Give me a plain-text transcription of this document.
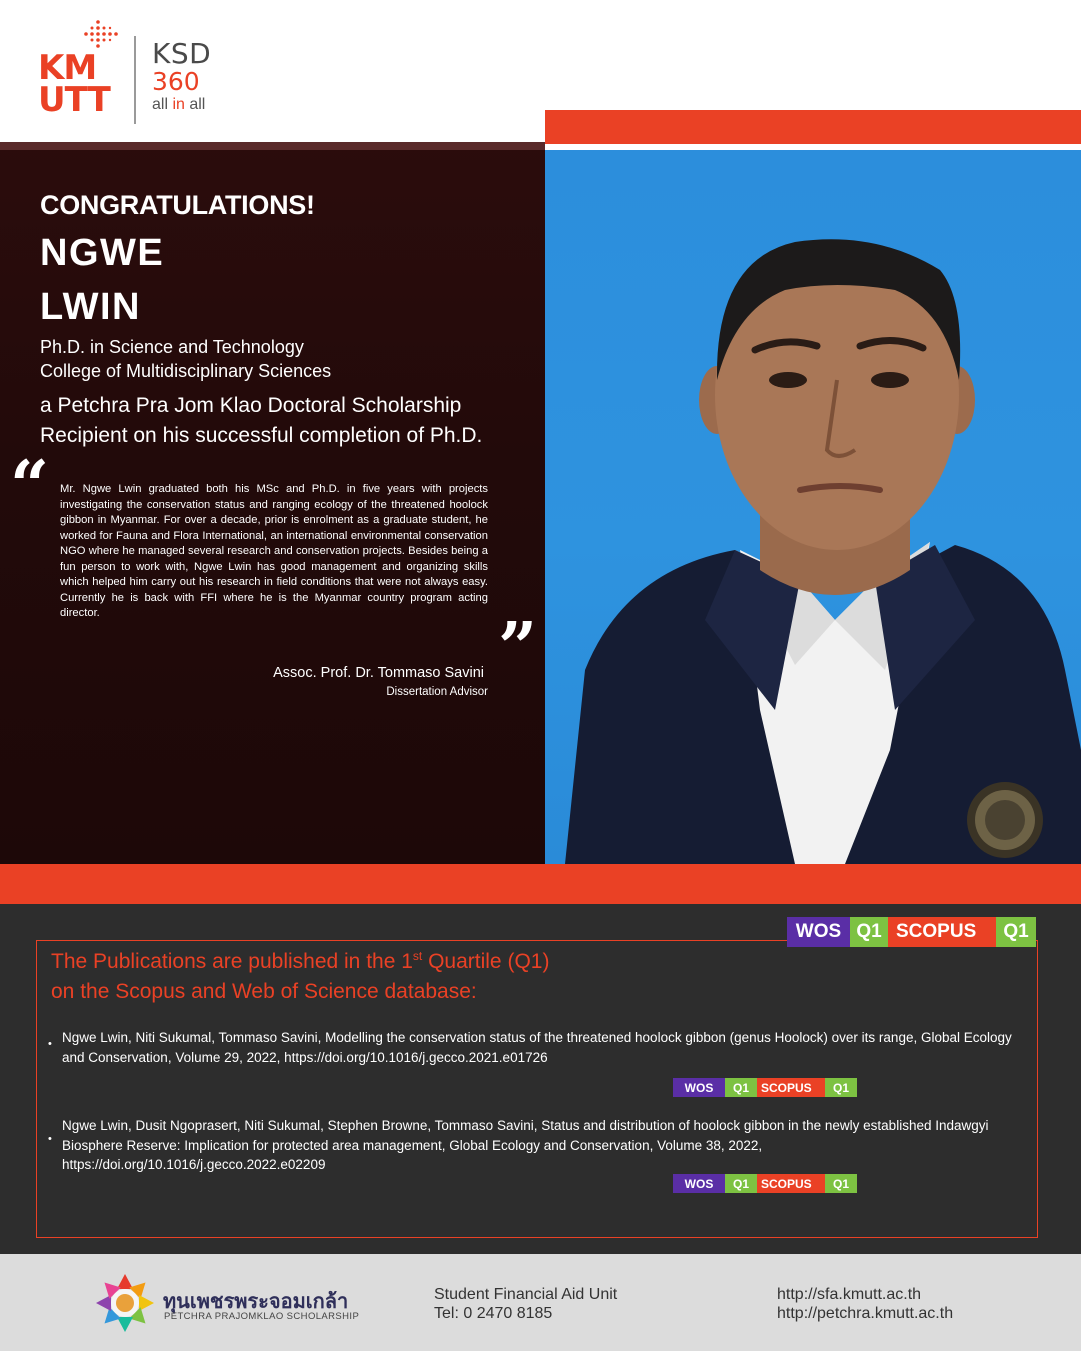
KM
UTT
KSD
360
all in all
CONGRATULATIONS!
NGWE
LWIN
Ph.D. in Science and Technology
College of Multidisciplinary Sciences
a Petchra Pra Jom Klao Doctoral Scholarship
Recipient on his successful completion of Ph.D.
“ Mr. Ngwe Lwin graduated both his MSc and Ph.D. in five years with projects investigating the conservation status and ranging ecology of the threatened hoolock gibbon in Myanmar. For over a decade, prior is enrolment as a graduate student, he worked for Fauna and Flora International, an international environmental conservation NGO where he managed several research and conservation projects. Besides being a fun person to work with, Ngwe Lwin has good management and organizing skills which helped him carry out his research in field conditions that were not always easy. Currently he is back with FFI where he is the Myanmar country program acting director.	”
Assoc. Prof. Dr. Tommaso Savini
Dissertation Advisor
WOS Q1 SCOPUS	Q1
The Publications are published in the 1st Quartile (Q1)
on the Scopus and Web of Science database:
• Ngwe Lwin, Niti Sukumal, Tommaso Savini, Modelling the conservation status of the threatened hoolock gibbon (genus Hoolock) over its range, Global Ecology and Conservation, Volume 29, 2022, https://doi.org/10.1016/j.gecco.2021.e01726

WOS	Q1	SCOPUS	Q1
•

Ngwe Lwin, Dusit Ngoprasert, Niti Sukumal, Stephen Browne, Tommaso Savini, Status and distribution of hoolock gibbon in the newly established Indawgyi Biosphere Reserve: Implication for protected area management, Global Ecology and Conservation, Volume 38, 2022, https://doi.org/10.1016/j.gecco.2022.e02209

WOS	Q1	SCOPUS	Q1
ทุนเพชรพระจอมเกล้า
PETCHRA PRAJOMKLAO SCHOLARSHIP
Student Financial Aid Unit
Tel: 0 2470 8185
http://sfa.kmutt.ac.th
http://petchra.kmutt.ac.th
